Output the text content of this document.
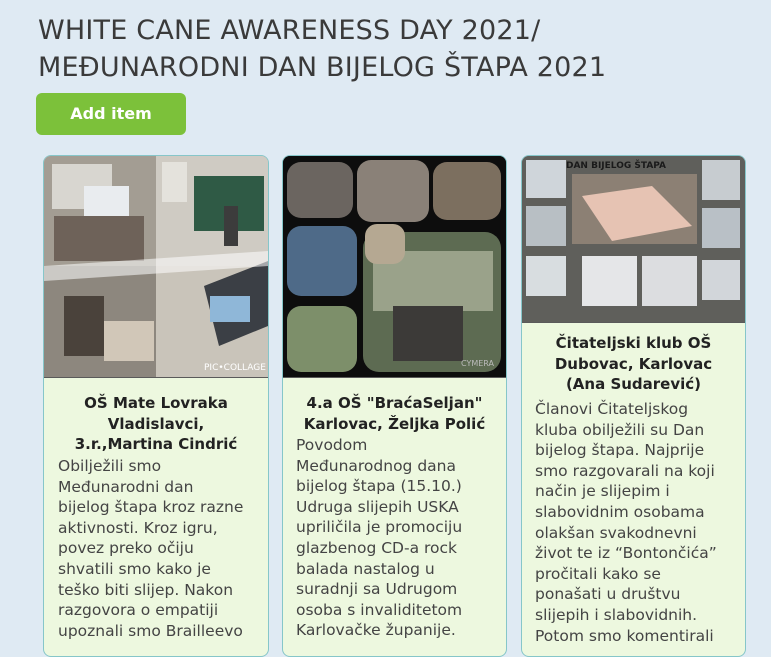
WHITE CANE AWARENESS DAY 2021/
MEĐUNARODNI DAN BIJELOG ŠTAPA 2021
Add item
PIC•COLLAGE
OŠ Mate Lovraka
Vladislavci,
3.r.,Martina Cindrić
Obilježili smo
Međunarodni dan
bijelog štapa kroz razne
aktivnosti. Kroz igru,
povez preko očiju
shvatili smo kako je
teško biti slijep. Nakon
razgovora o empatiji
upoznali smo Brailleevo
CYMERA
4.a OŠ "BraćaSeljan"
Karlovac, Željka Polić
Povodom
Međunarodnog dana
bijelog štapa (15.10.)
Udruga slijepih USKA
upriličila je promociju
glazbenog CD-a rock
balada nastalog u
suradnji sa Udrugom
osoba s invaliditetom
Karlovačke županije.
DAN BIJELOG ŠTAPA
Čitateljski klub OŠ
Dubovac, Karlovac
(Ana Sudarević)
Članovi Čitateljskog
kluba obilježili su Dan
bijelog štapa. Najprije
smo razgovarali na koji
način je slijepim i
slabovidnim osobama
olakšan svakodnevni
život te iz “Bontončića”
pročitali kako se
ponašati u društvu
slijepih i slabovidnih.
Potom smo komentirali
